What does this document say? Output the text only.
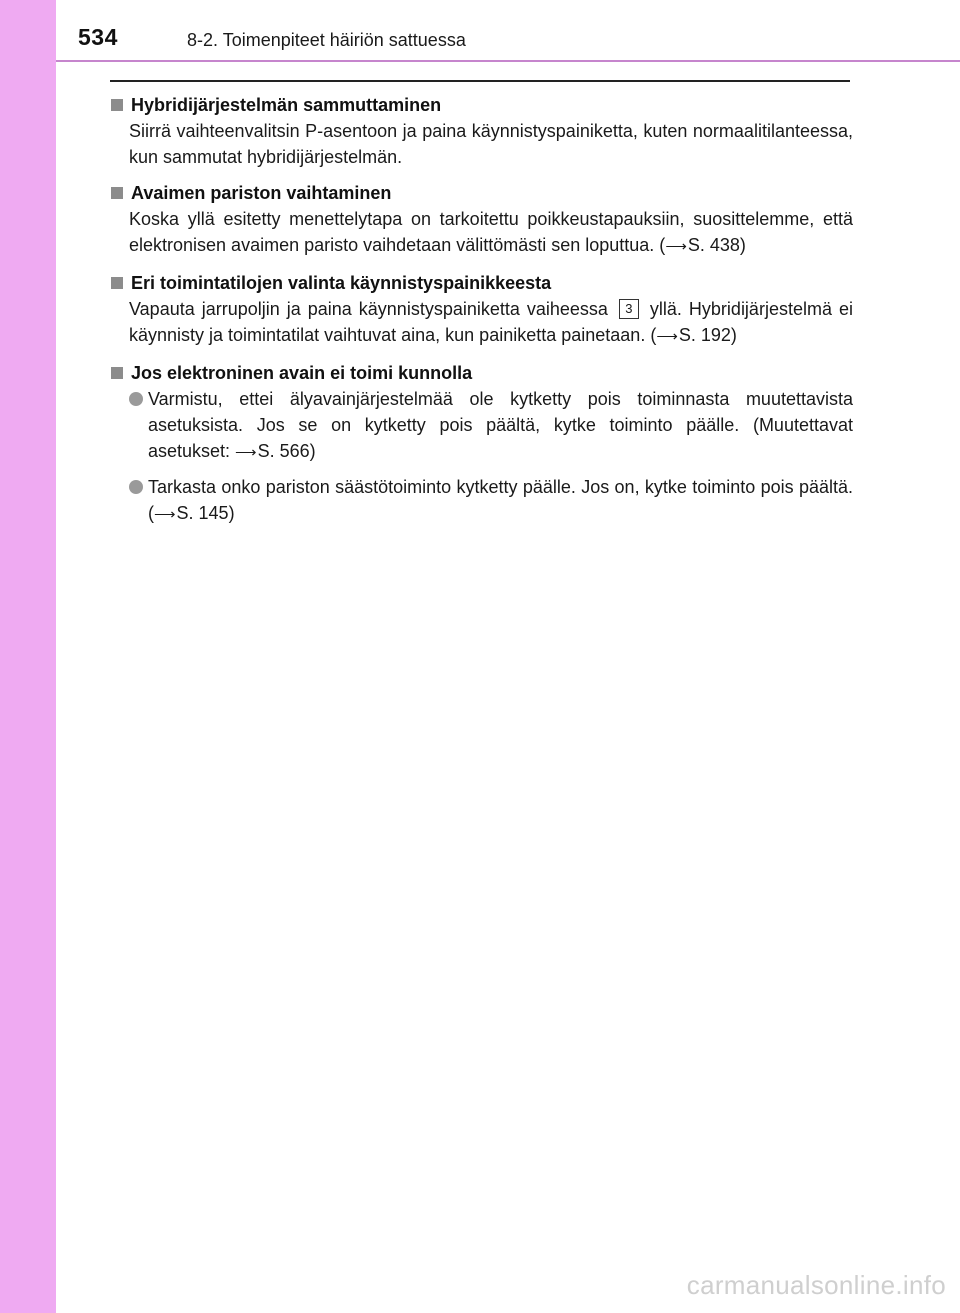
534	8-2. Toimenpiteet häiriön sattuessa
Hybridijärjestelmän sammuttaminen
Siirrä vaihteenvalitsin P-asentoon ja paina käynnistyspainiketta, kuten normaalitilanteessa, kun sammutat hybridijärjestelmän.
Avaimen pariston vaihtaminen
Koska yllä esitetty menettelytapa on tarkoitettu poikkeustapauksiin, suosittelemme, että elektronisen avaimen paristo vaihdetaan välittömästi sen loputtua. (⟶S. 438)
Eri toimintatilojen valinta käynnistyspainikkeesta
Vapauta jarrupoljin ja paina käynnistyspainiketta vaiheessa 3 yllä. Hybridijärjestelmä ei käynnisty ja toimintatilat vaihtuvat aina, kun painiketta painetaan. (⟶S. 192)
Jos elektroninen avain ei toimi kunnolla
Varmistu, ettei älyavainjärjestelmää ole kytketty pois toiminnasta muutettavista asetuksista. Jos se on kytketty pois päältä, kytke toiminto päälle. (Muutettavat asetukset: ⟶S. 566)
Tarkasta onko pariston säästötoiminto kytketty päälle. Jos on, kytke toiminto pois päältä. (⟶S. 145)
carmanualsonline.info
